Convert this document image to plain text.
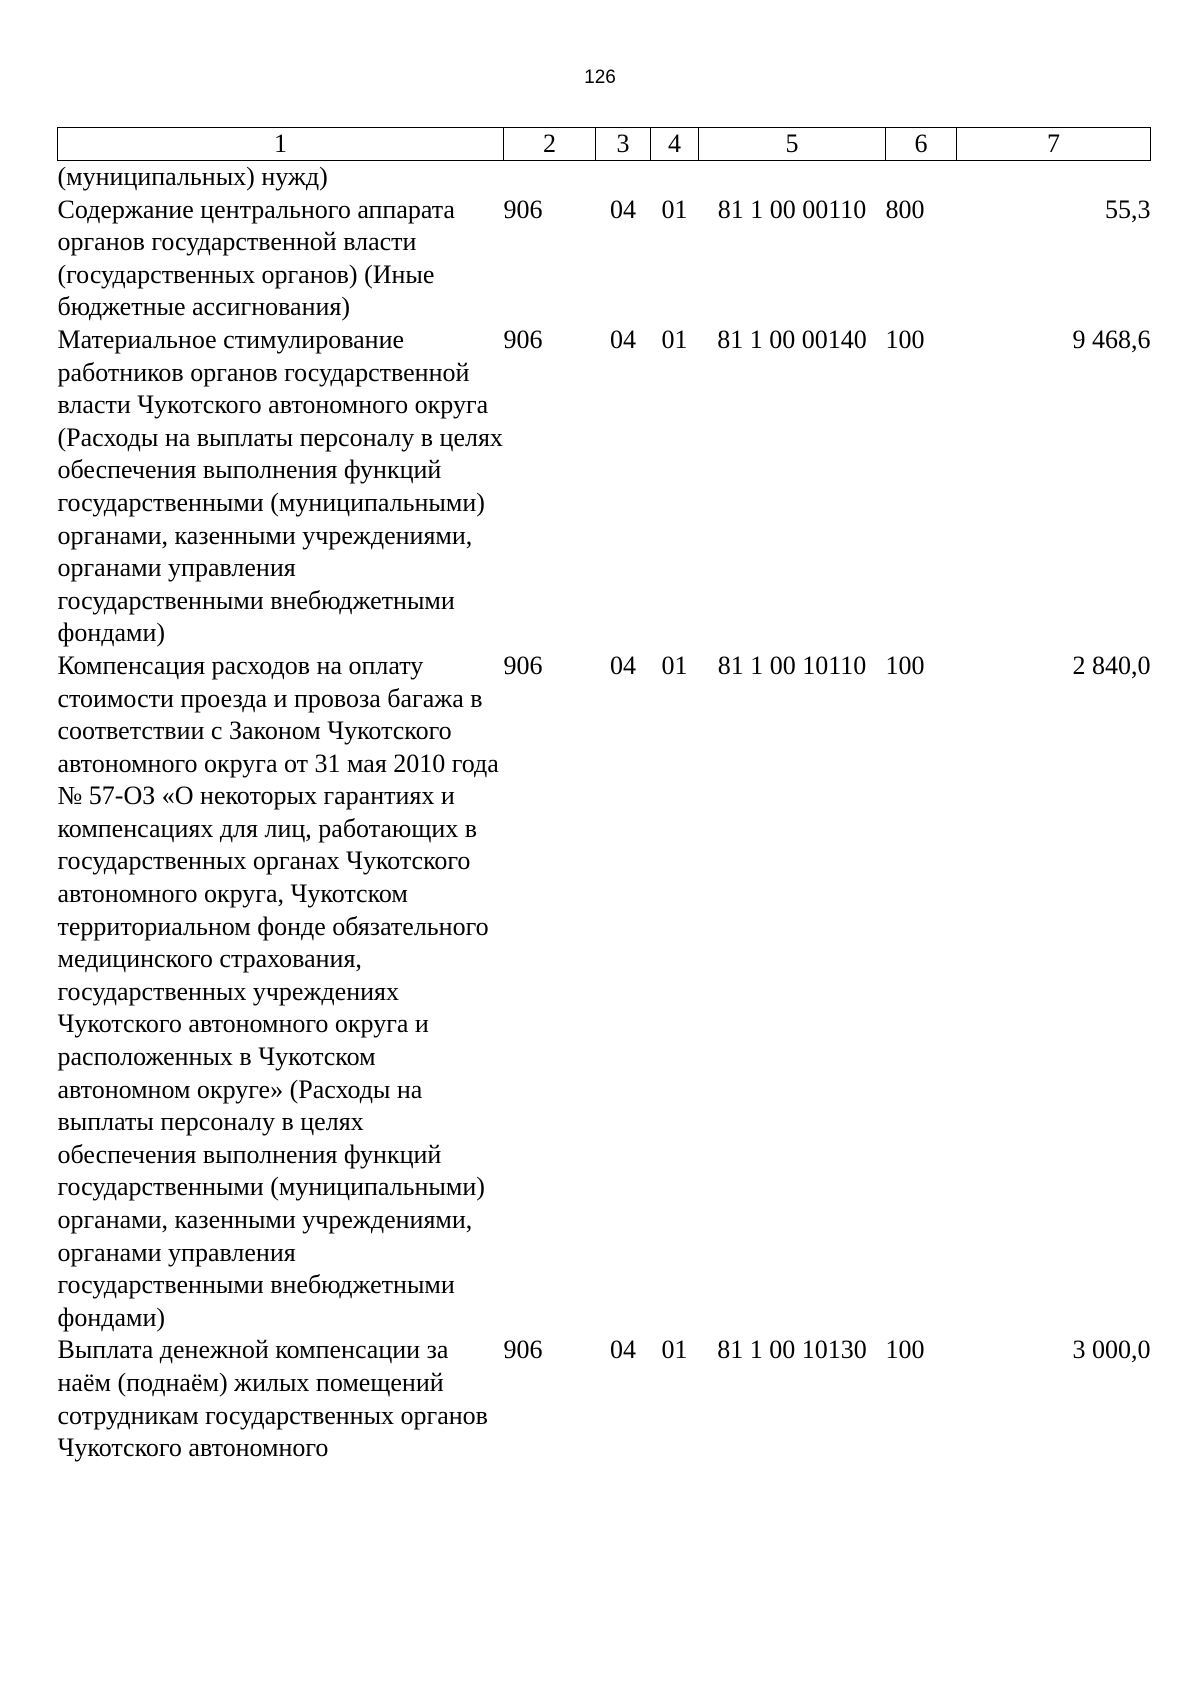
126
1	2	3	4	5	6	7
(муниципальных) нужд)						
Содержание центрального аппарата органов государственной власти (государственных органов) (Иные бюджетные ассигнования)	906	04	01	81 1 00 00110	800	55,3
Материальное стимулирование работников органов государственной власти Чукотского автономного округа (Расходы на выплаты персоналу в целях обеспечения выполнения функций государственными (муниципальными) органами, казенными учреждениями, органами управления государственными внебюджетными фондами)	906	04	01	81 1 00 00140	100	9 468,6
Компенсация расходов на оплату стоимости проезда и провоза багажа в соответствии с Законом Чукотского автономного округа от 31 мая 2010 года № 57-ОЗ «О некоторых гарантиях и компенсациях для лиц, работающих в государственных органах Чукотского автономного округа, Чукотском территориальном фонде обязательного медицинского страхования, государственных учреждениях Чукотского автономного округа и расположенных в Чукотском автономном округе» (Расходы на выплаты персоналу в целях обеспечения выполнения функций государственными (муниципальными) органами, казенными учреждениями, органами управления государственными внебюджетными фондами)	906	04	01	81 1 00 10110	100	2 840,0
Выплата денежной компенсации за наём (поднаём) жилых помещений сотрудникам государственных органов Чукотского автономного	906	04	01	81 1 00 10130	100	3 000,0
